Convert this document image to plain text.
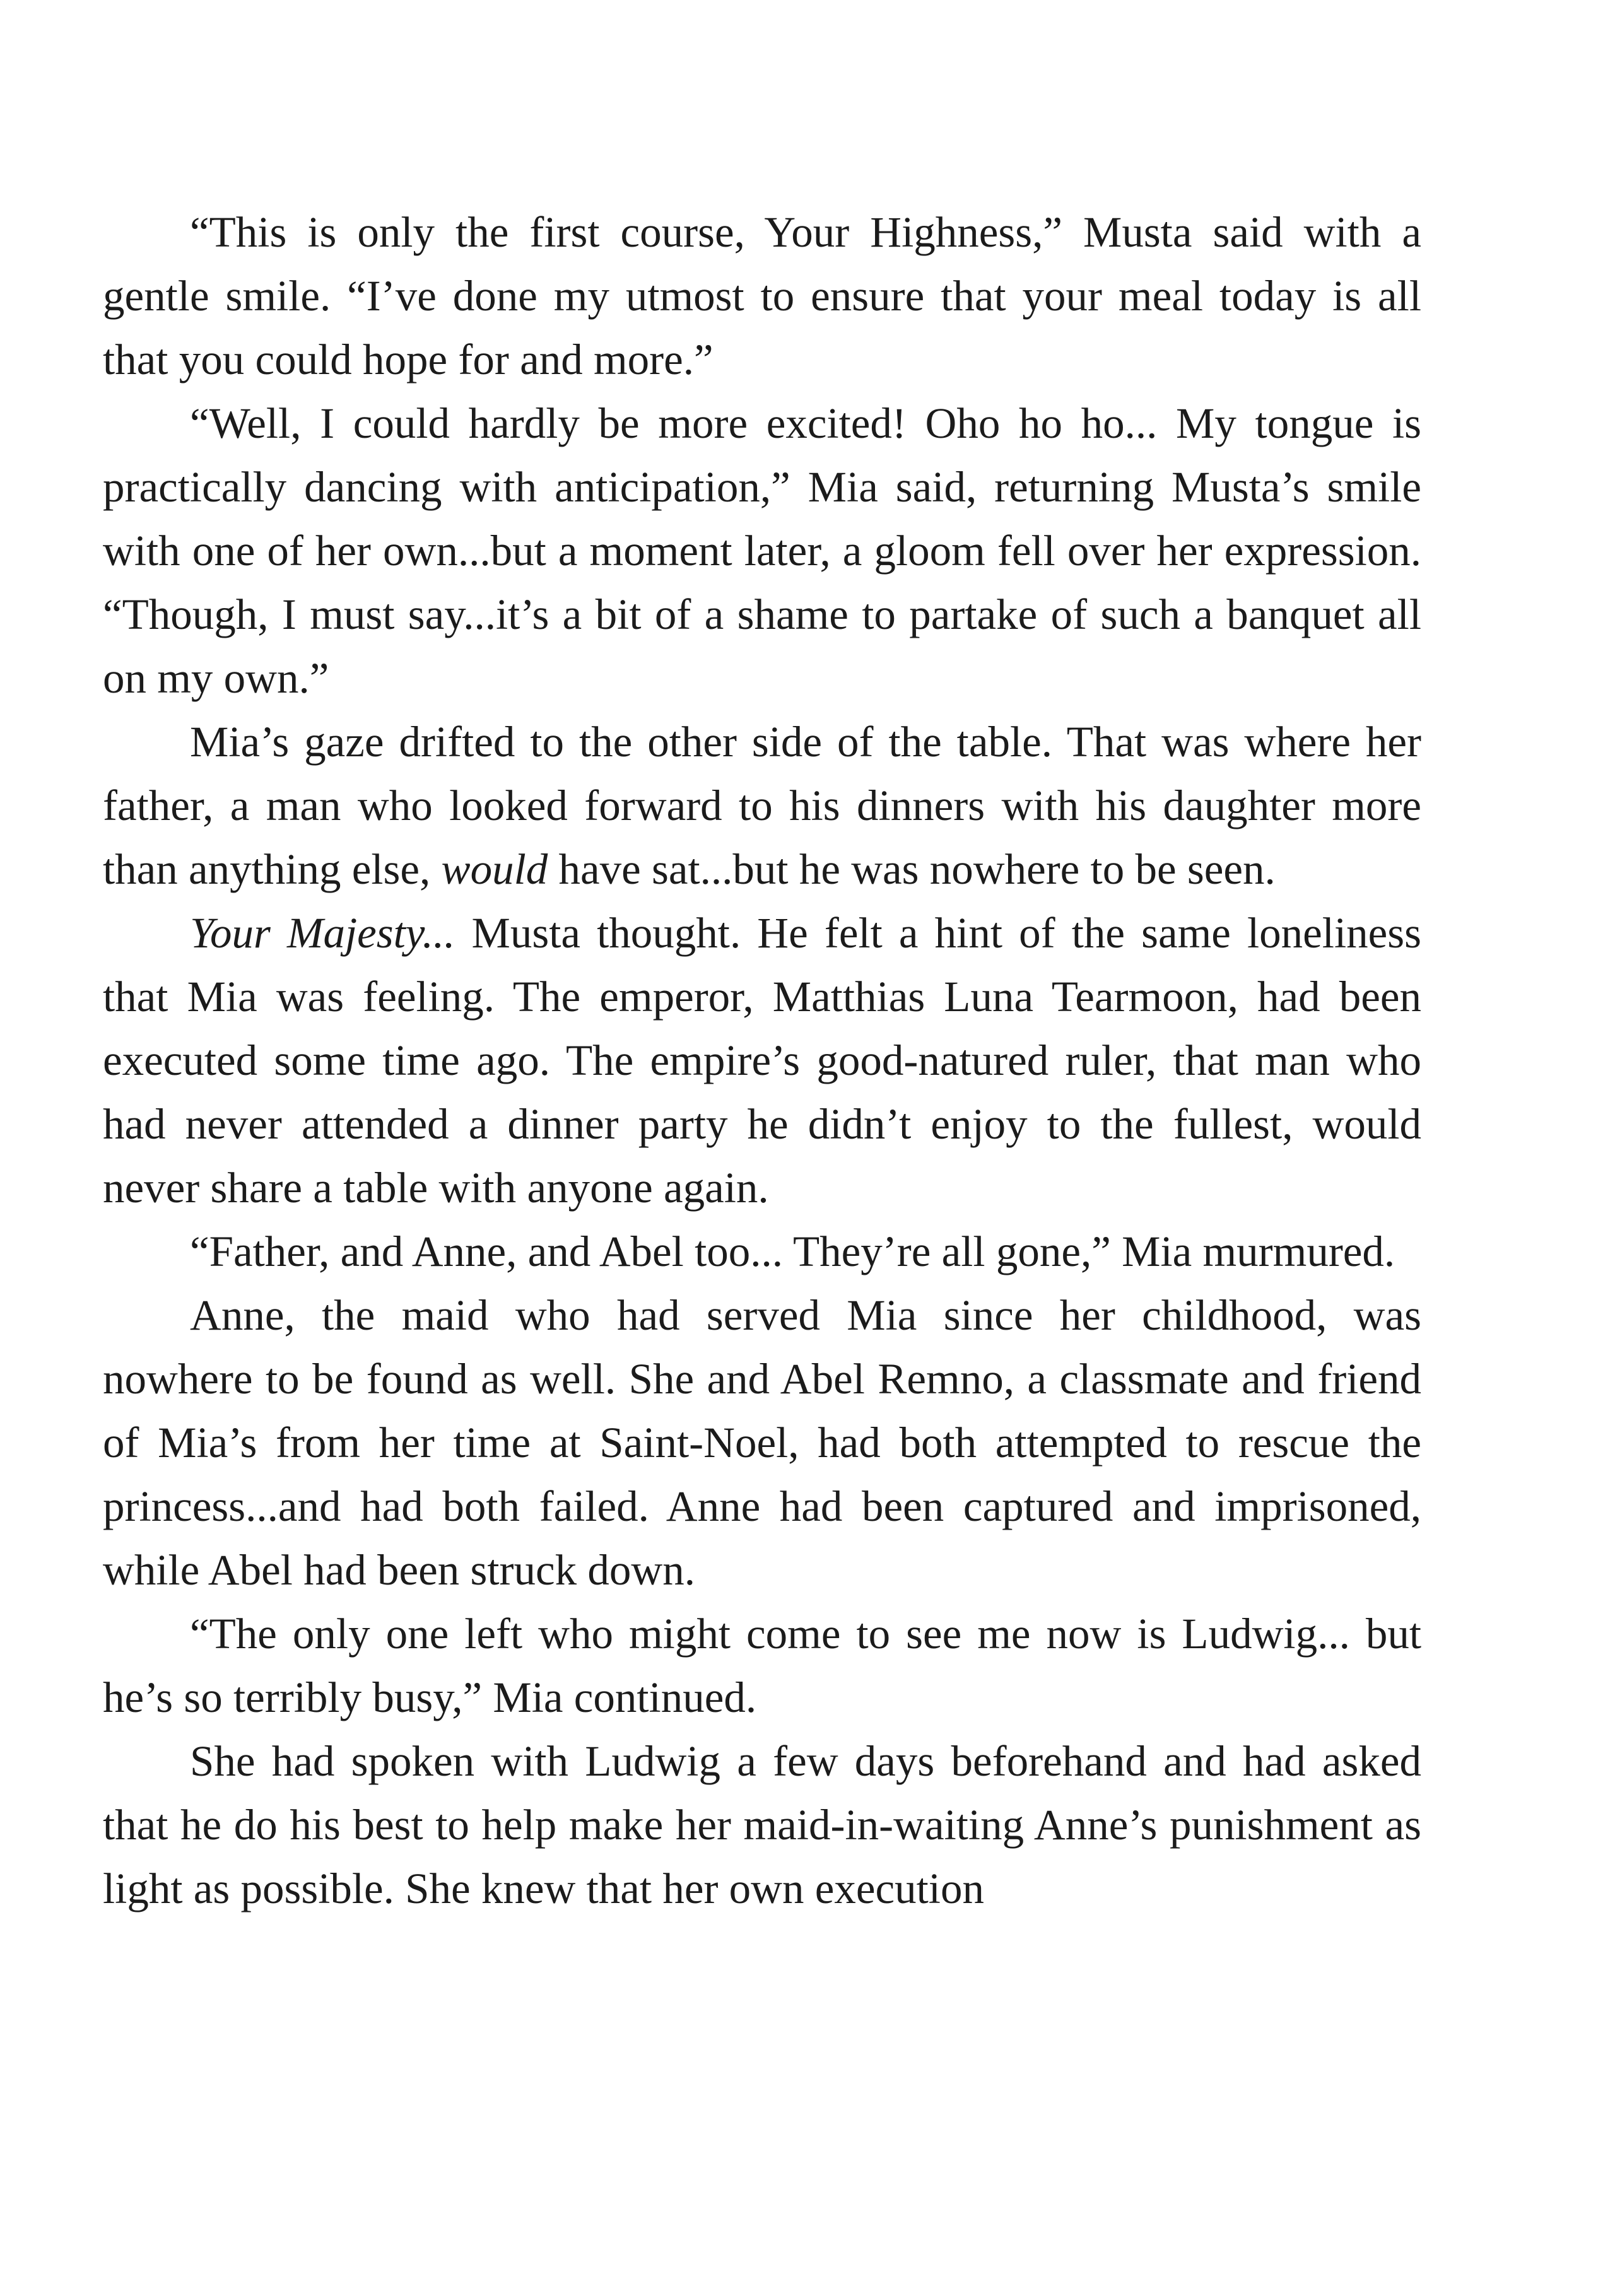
“This is only the first course, Your Highness,” Musta said with a gentle smile. “I’ve done my utmost to ensure that your meal today is all that you could hope for and more.”

“Well, I could hardly be more excited! Oho ho ho... My tongue is practically dancing with anticipation,” Mia said, returning Musta’s smile with one of her own...but a moment later, a gloom fell over her expression. “Though, I must say...it’s a bit of a shame to partake of such a banquet all on my own.”

Mia’s gaze drifted to the other side of the table. That was where her father, a man who looked forward to his dinners with his daughter more than anything else, would have sat...but he was nowhere to be seen.

Your Majesty... Musta thought. He felt a hint of the same loneliness that Mia was feeling. The emperor, Matthias Luna Tearmoon, had been executed some time ago. The empire’s good-natured ruler, that man who had never attended a dinner party he didn’t enjoy to the fullest, would never share a table with anyone again.

“Father, and Anne, and Abel too... They’re all gone,” Mia murmured.

Anne, the maid who had served Mia since her childhood, was nowhere to be found as well. She and Abel Remno, a classmate and friend of Mia’s from her time at Saint-Noel, had both attempted to rescue the princess...and had both failed. Anne had been captured and imprisoned, while Abel had been struck down.

“The only one left who might come to see me now is Ludwig... but he’s so terribly busy,” Mia continued.

She had spoken with Ludwig a few days beforehand and had asked that he do his best to help make her maid-in-waiting Anne’s punishment as light as possible. She knew that her own execution
